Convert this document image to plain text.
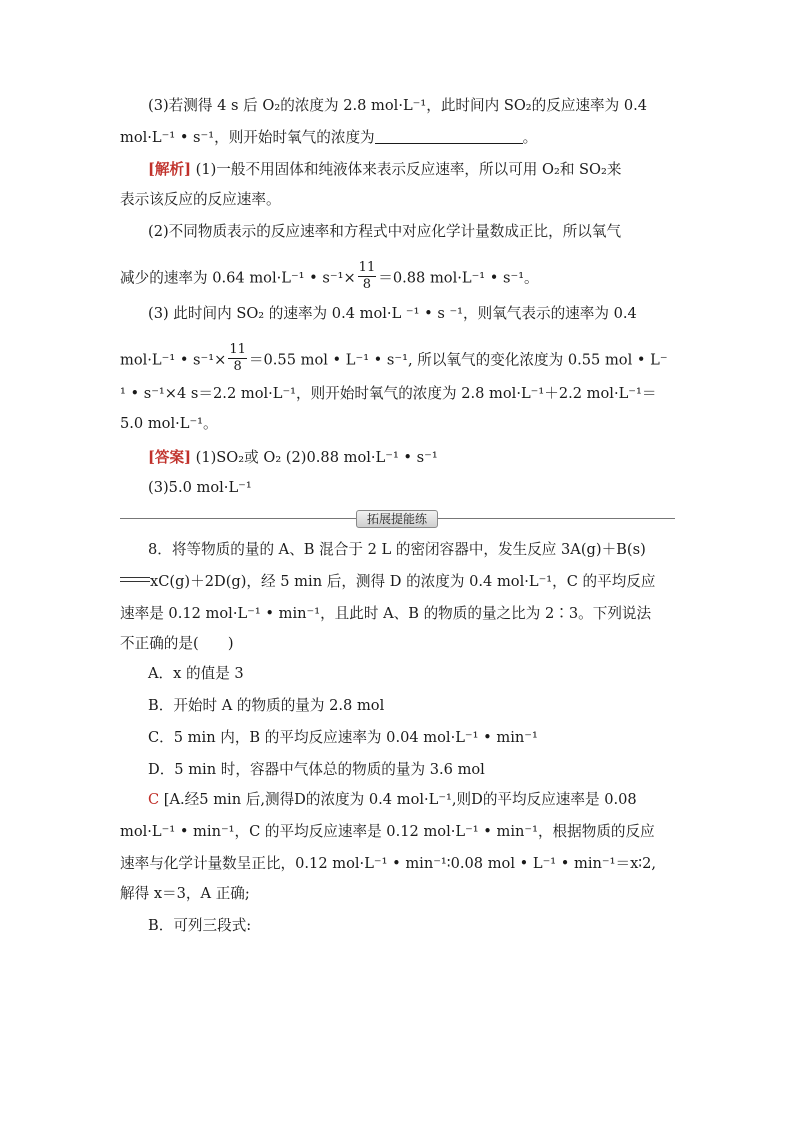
(3)若测得 4 s 后 O₂的浓度为 2.8 mol·L⁻¹，此时间内 SO₂的反应速率为 0.4
mol·L⁻¹ • s⁻¹，则开始时氧气的浓度为	。
[解析] (1)一般不用固体和纯液体来表示反应速率，所以可用 O₂和 SO₂来
表示该反应的反应速率。
(2)不同物质表示的反应速率和方程式中对应化学计量数成正比，所以氧气
减少的速率为 0.64 mol·L⁻¹ • $s^{-1}\times \frac{11}{8} =0.88$ mol·L⁻¹ • s⁻¹。
(3) 此时间内 SO₂ 的速率为 0.4 mol·L ⁻¹ • s ⁻¹，则氧气表示的速率为 0.4
mol·L⁻¹ • $s^{-1}\times \frac{11}{8} =0.55$ mol • L⁻¹ • s⁻¹, 所以氧气的变化浓度为 0.55 mol • L⁻
¹ • s⁻¹×4 s＝2.2 mol·L⁻¹，则开始时氧气的浓度为 2.8 mol·L⁻¹＋2.2 mol·L⁻¹＝
5.0 mol·L⁻¹。
[答案] (1)SO₂或 O₂ (2)0.88 mol·L⁻¹ • s⁻¹
(3)5.0 mol·L⁻¹
拓展提能练
8．将等物质的量的 A、B 混合于 2 L 的密闭容器中，发生反应 3A(g)＋B(s)
xC(g)＋2D(g)，经 5 min 后，测得 D 的浓度为 0.4 mol·L⁻¹，C 的平均反应
速率是 0.12 mol·L⁻¹ • min⁻¹，且此时 A、B 的物质的量之比为 2∶3。下列说法
不正确的是(　　)
A．x 的值是 3
B．开始时 A 的物质的量为 2.8 mol
C．5 min 内，B 的平均反应速率为 0.04 mol·L⁻¹ • min⁻¹
D．5 min 时，容器中气体总的物质的量为 3.6 mol
C [A.经5 min 后,测得D的浓度为 0.4 mol·L⁻¹,则D的平均反应速率是 0.08
mol·L⁻¹ • min⁻¹，C 的平均反应速率是 0.12 mol·L⁻¹ • min⁻¹，根据物质的反应
速率与化学计量数呈正比，0.12 mol·L⁻¹ • min⁻¹∶0.08 mol • L⁻¹ • min⁻¹＝x∶2,
解得 x＝3，A 正确;
B．可列三段式:
